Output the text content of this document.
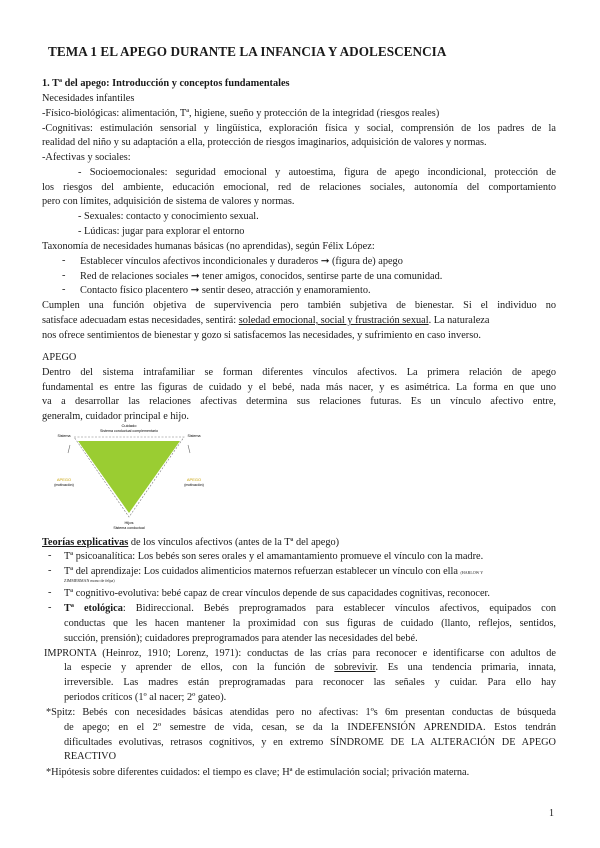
TEMA 1 EL APEGO DURANTE LA INFANCIA Y ADOLESCENCIA
1. Tª del apego: Introducción y conceptos fundamentales
Necesidades infantiles
-Físico-biológicas: alimentación, Tª, higiene, sueño y protección de la integridad (riesgos reales)
-Cognitivas: estimulación sensorial y lingüística, exploración física y social, comprensión de los padres de la
realidad del niño y su adaptación a ella, protección de riesgos imaginarios, adquisición de valores y normas.
-Afectivas y sociales:
- Socioemocionales: seguridad emocional y autoestima, figura de apego incondicional, protección de
los riesgos del ambiente, educación emocional, red de relaciones sociales, autonomía del comportamiento
pero con límites, adquisición de sistema de valores y normas.
- Sexuales: contacto y conocimiento sexual.
- Lúdicas: jugar para explorar el entorno
Taxonomía de necesidades humanas básicas (no aprendidas), según Félix López:
- Establecer vínculos afectivos incondicionales y duraderos ➞ (figura de) apego
- Red de relaciones sociales ➞ tener amigos, conocidos, sentirse parte de una comunidad.
- Contacto físico placentero ➞ sentir deseo, atracción y enamoramiento.
Cumplen una función objetiva de supervivencia pero también subjetiva de bienestar. Si el individuo no
satisface adecuadam estas necesidades, sentirá: soledad emocional, social y frustración sexual. La naturaleza
nos ofrece sentimientos de bienestar y gozo si satisfacemos las necesidades, y sufrimiento en caso inverso.
APEGO
Dentro del sistema intrafamiliar se forman diferentes vínculos afectivos. La primera relación de apego
fundamental es entre las figuras de cuidado y el bebé, nada más nacer, y es asimétrica. La forma en que uno
va a desarrollar las relaciones afectivas determina sus relaciones futuras. Es un vínculo afectivo entre,
generalm, cuidador principal e hijo.
Cuidado
Sistema conductual complementario
Sistema	Sistema
APEGO
(motivación)
APEGO
(motivación)
Hijos
Sistema conductual
Teorías explicativas de los vínculos afectivos (antes de la Tª del apego)
- Tª psicoanalítica: Los bebés son seres orales y el amamantamiento promueve el vínculo con la madre.
- Tª del aprendizaje: Los cuidados alimenticios maternos refuerzan establecer un vínculo con ella (HARLOW Y
ZIMMERMAN mono de felpa)
- Tª cognitivo-evolutiva: bebé capaz de crear vínculos depende de sus capacidades cognitivas, reconocer.
- Tª etológica: Bidireccional. Bebés preprogramados para establecer vínculos afectivos, equipados con
conductas que les hacen mantener la proximidad con sus figuras de cuidado (llanto, reflejos, sentidos,
succión, prensión); cuidadores preprogramados para atender las necesidades del bebé.
IMPRONTA (Heinroz, 1910; Lorenz, 1971): conductas de las crías para reconocer e identificarse con adultos de
la especie y aprender de ellos, con la función de sobrevivir. Es una tendencia primaria, innata,
irreversible. Las madres están preprogramadas para reconocer las señales y cuidar. Para ello hay
periodos críticos (1º al nacer; 2º gateo).
*Spitz: Bebés con necesidades básicas atendidas pero no afectivas: 1ºs 6m presentan conductas de búsqueda
de apego; en el 2º semestre de vida, cesan, se da la INDEFENSIÓN APRENDIDA. Estos tendrán
dificultades evolutivas, retrasos cognitivos, y en extremo SÍNDROME DE LA ALTERACIÓN DE APEGO
REACTIVO
*Hipótesis sobre diferentes cuidados: el tiempo es clave; Hª de estimulación social; privación materna.
1
